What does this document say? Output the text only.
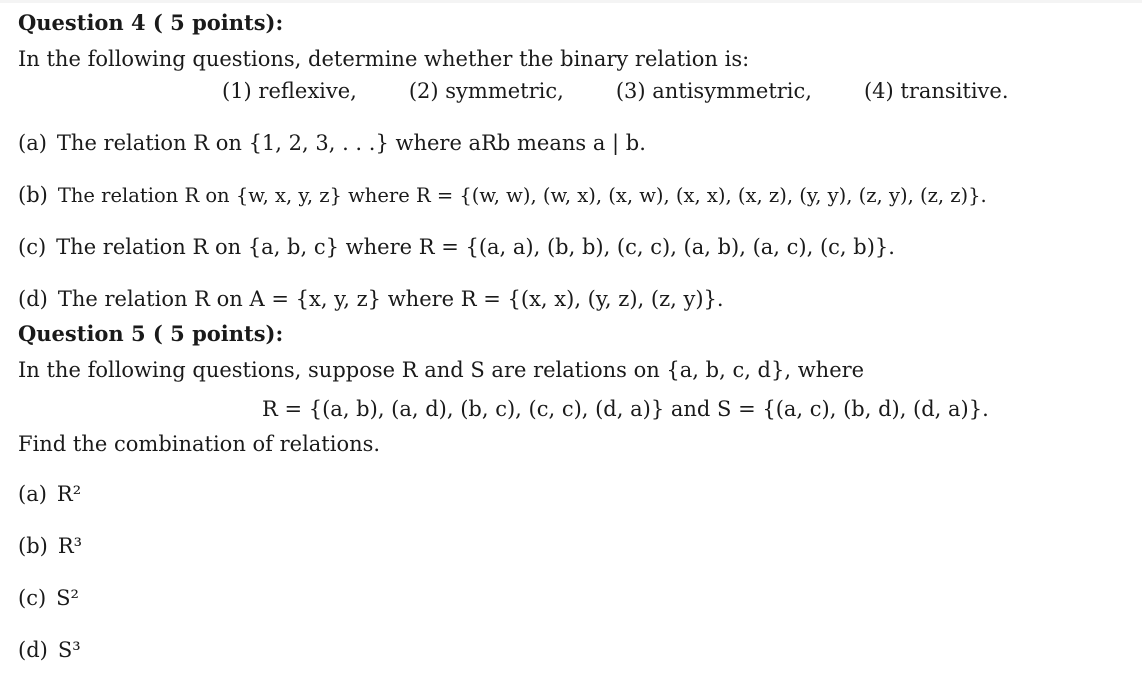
Question 4 ( 5 points):
In the following questions, determine whether the binary relation is:
(1) reflexive, (2) symmetric, (3) antisymmetric, (4) transitive.
(a) The relation R on {1, 2, 3, . . .} where aRb means a | b.
(b) The relation R on {w, x, y, z} where R = {(w, w), (w, x), (x, w), (x, x), (x, z), (y, y), (z, y), (z, z)}.
(c) The relation R on {a, b, c} where R = {(a, a), (b, b), (c, c), (a, b), (a, c), (c, b)}.
(d) The relation R on A = {x, y, z} where R = {(x, x), (y, z), (z, y)}.
Question 5 ( 5 points):
In the following questions, suppose R and S are relations on {a, b, c, d}, where
R = {(a, b), (a, d), (b, c), (c, c), (d, a)} and S = {(a, c), (b, d), (d, a)}.
Find the combination of relations.
(a) R²
(b) R³
(c) S²
(d) S³
